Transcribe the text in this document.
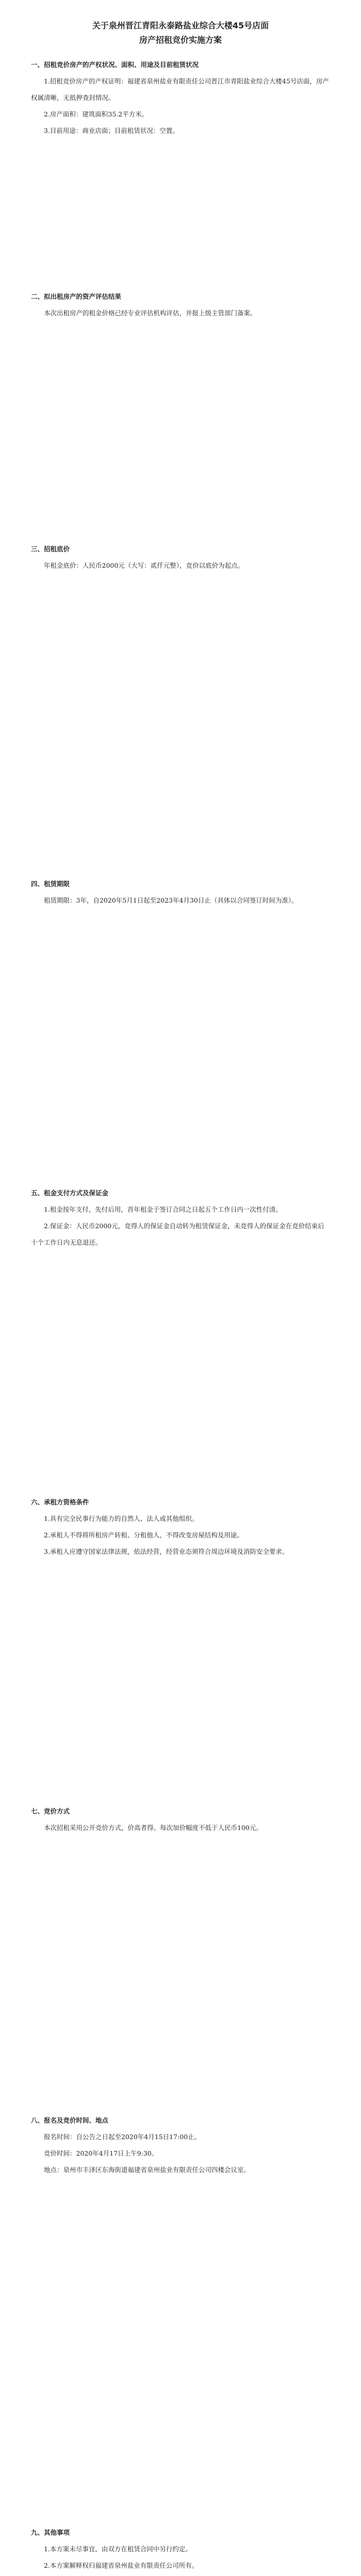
关于泉州晋江青阳永泰路盐业综合大楼45号店面
房产招租竞价实施方案
一、招租竞价房产的产权状况、面积、用途及目前租赁状况
1.招租竞价房产的产权证明：福建省泉州盐业有限责任公司晋江市青阳盐业综合大楼45号店面，房产权属清晰，无抵押查封情况。
2.房产面积：建筑面积35.2平方米。
3.目前用途：商业店面；目前租赁状况：空置。
二、拟出租房产的资产评估结果
本次出租房产的租金价格已经专业评估机构评估，并报上级主管部门备案。
三、招租底价
年租金底价：人民币2000元（大写：贰仟元整），竞价以底价为起点。
四、租赁期限
租赁期限：3年，自2020年5月1日起至2023年4月30日止（具体以合同签订时间为准）。
五、租金支付方式及保证金
1.租金按年支付，先付后用，首年租金于签订合同之日起五个工作日内一次性付清。
2.保证金：人民币2000元，竞得人的保证金自动转为租赁保证金，未竞得人的保证金在竞价结束后十个工作日内无息退还。
六、承租方资格条件
1.具有完全民事行为能力的自然人、法人或其他组织。
2.承租人不得将所租房产转租、分租他人，不得改变房屋结构及用途。
3.承租人应遵守国家法律法规，依法经营，经营业态须符合周边环境及消防安全要求。
七、竞价方式
本次招租采用公开竞价方式，价高者得。每次加价幅度不低于人民币100元。
八、报名及竞价时间、地点
报名时间：自公告之日起至2020年4月15日17:00止。
竞价时间：2020年4月17日上午9:30。
地点：泉州市丰泽区东海街道福建省泉州盐业有限责任公司四楼会议室。
九、其他事项
1.本方案未尽事宜，由双方在租赁合同中另行约定。
2.本方案解释权归福建省泉州盐业有限责任公司所有。
